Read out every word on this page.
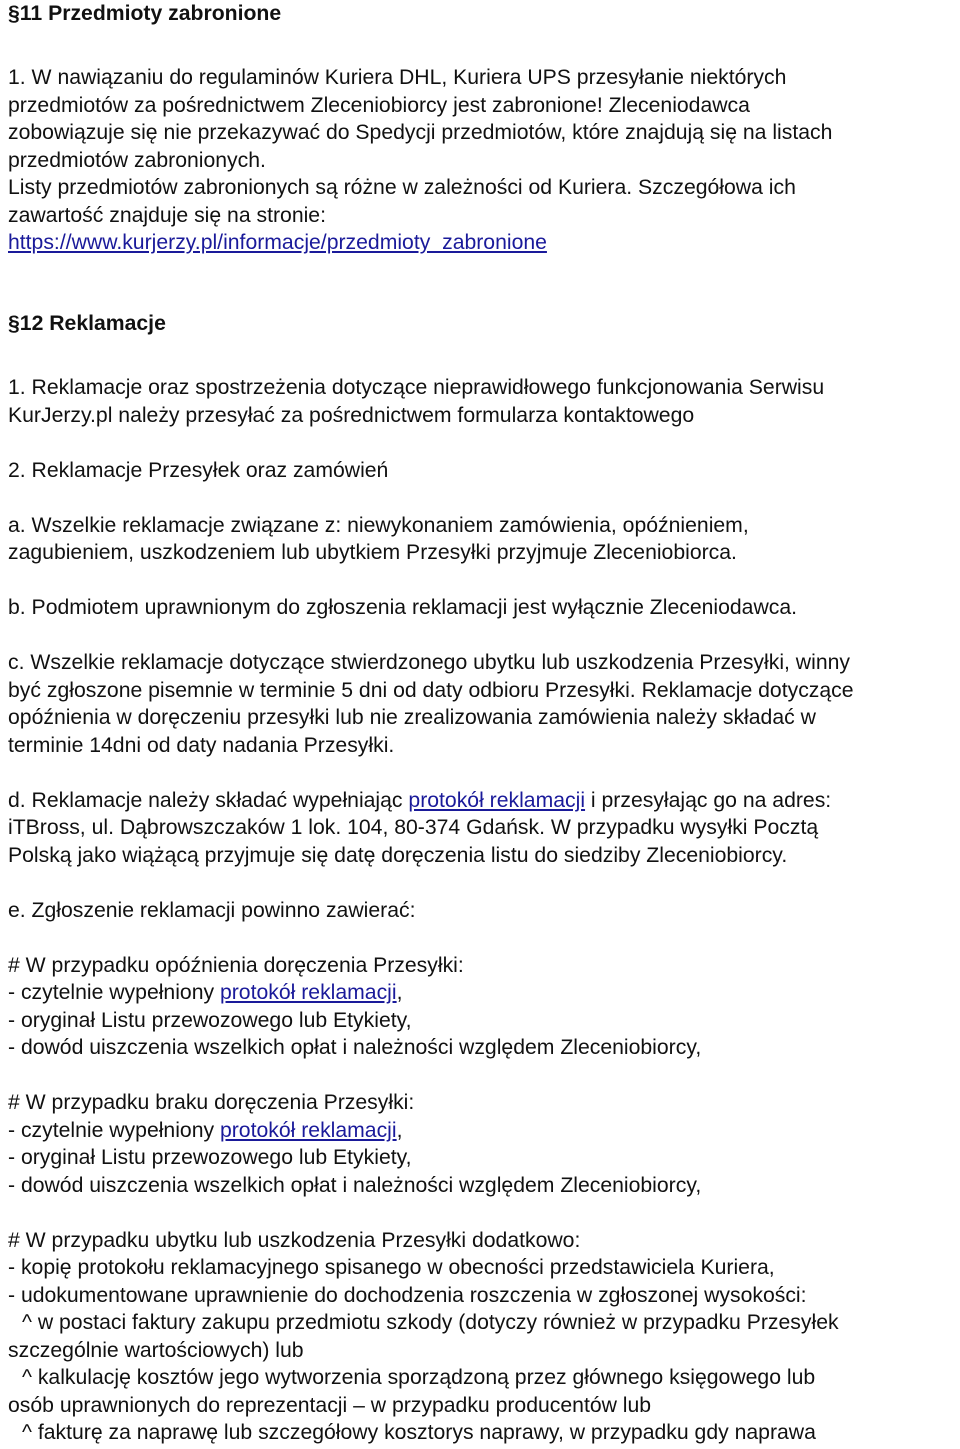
§11 Przedmioty zabronione

1. W nawiązaniu do regulaminów Kuriera DHL, Kuriera UPS przesyłanie niektórych

przedmiotów za pośrednictwem Zleceniobiorcy jest zabronione! Zleceniodawca

zobowiązuje się nie przekazywać do Spedycji przedmiotów, które znajdują się na listach

przedmiotów zabronionych.

Listy przedmiotów zabronionych są różne w zależności od Kuriera. Szczegółowa ich

zawartość znajduje się na stronie:

https://www.kurjerzy.pl/informacje/przedmioty_zabronione

§12 Reklamacje

1. Reklamacje oraz spostrzeżenia dotyczące nieprawidłowego funkcjonowania Serwisu

KurJerzy.pl należy przesyłać za pośrednictwem formularza kontaktowego

2. Reklamacje Przesyłek oraz zamówień

a. Wszelkie reklamacje związane z: niewykonaniem zamówienia, opóźnieniem,

zagubieniem, uszkodzeniem lub ubytkiem Przesyłki przyjmuje Zleceniobiorca.

b. Podmiotem uprawnionym do zgłoszenia reklamacji jest wyłącznie Zleceniodawca.

c. Wszelkie reklamacje dotyczące stwierdzonego ubytku lub uszkodzenia Przesyłki, winny

być zgłoszone pisemnie w terminie 5 dni od daty odbioru Przesyłki. Reklamacje dotyczące

opóźnienia w doręczeniu przesyłki lub nie zrealizowania zamówienia należy składać w

terminie 14dni od daty nadania Przesyłki.

d. Reklamacje należy składać wypełniając protokół reklamacji i przesyłając go na adres:

iTBross, ul. Dąbrowszczaków 1 lok. 104, 80-374 Gdańsk. W przypadku wysyłki Pocztą

Polską jako wiążącą przyjmuje się datę doręczenia listu do siedziby Zleceniobiorcy.

e. Zgłoszenie reklamacji powinno zawierać:

# W przypadku opóźnienia doręczenia Przesyłki:

- czytelnie wypełniony protokół reklamacji,

- oryginał Listu przewozowego lub Etykiety,

- dowód uiszczenia wszelkich opłat i należności względem Zleceniobiorcy,

# W przypadku braku doręczenia Przesyłki:

- czytelnie wypełniony protokół reklamacji,

- oryginał Listu przewozowego lub Etykiety,

- dowód uiszczenia wszelkich opłat i należności względem Zleceniobiorcy,

# W przypadku ubytku lub uszkodzenia Przesyłki dodatkowo:

- kopię protokołu reklamacyjnego spisanego w obecności przedstawiciela Kuriera,

- udokumentowane uprawnienie do dochodzenia roszczenia w zgłoszonej wysokości:

^ w postaci faktury zakupu przedmiotu szkody (dotyczy również w przypadku Przesyłek

szczególnie wartościowych) lub

^ kalkulację kosztów jego wytworzenia sporządzoną przez głównego księgowego lub

osób uprawnionych do reprezentacji – w przypadku producentów lub

^ fakturę za naprawę lub szczegółowy kosztorys naprawy, w przypadku gdy naprawa
